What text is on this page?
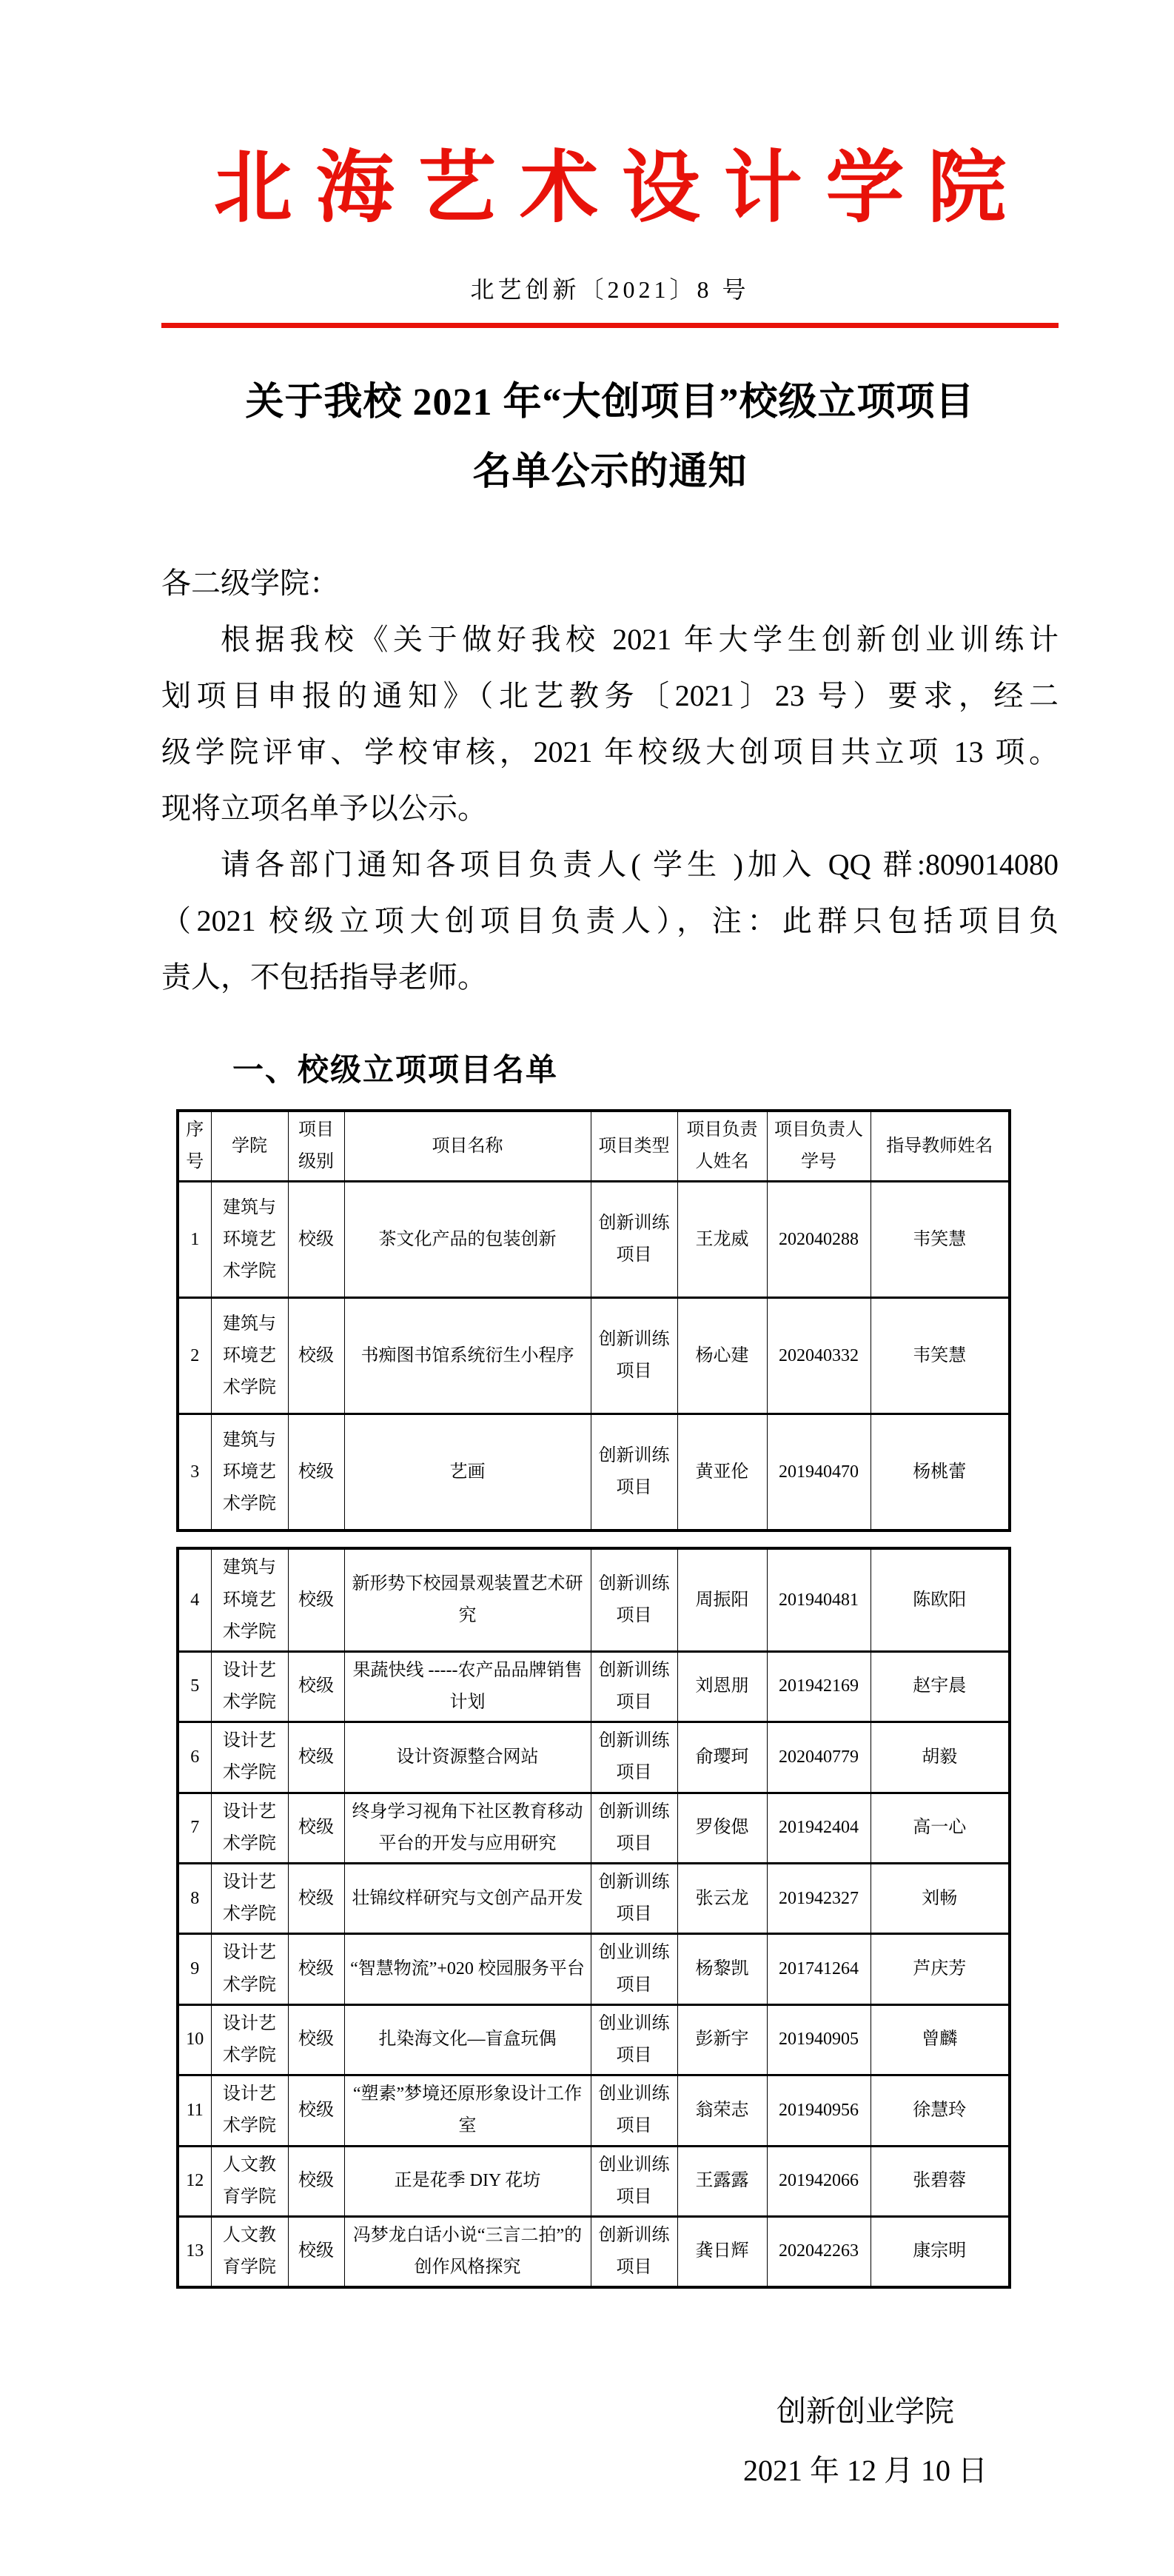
北海艺术设计学院
北艺创新〔2021〕8 号
关于我校 2021 年“大创项目”校级立项项目
名单公示的通知
各二级学院：

根据我校《关于做好我校 2021 年大学生创新创业训练计
划项目申报的通知》（北艺教务〔2021〕23 号）要求，经二
级学院评审、学校审核，2021 年校级大创项目共立项 13 项。
现将立项名单予以公示。

请各部门通知各项目负责人( 学生 )加入 QQ 群:809014080
（2021 校级立项大创项目负责人），注：此群只包括项目负
责人，不包括指导老师。

一、校级立项项目名单
序号	学院	项目级别	项目名称	项目类型	项目负责人姓名	项目负责人学号	指导教师姓名
1	建筑与环境艺术学院	校级	茶文化产品的包装创新	创新训练项目	王龙威	202040288	韦笑慧
2	建筑与环境艺术学院	校级	书痴图书馆系统衍生小程序	创新训练项目	杨心建	202040332	韦笑慧
3	建筑与环境艺术学院	校级	艺画	创新训练项目	黄亚伦	201940470	杨桃蕾
4	建筑与环境艺术学院	校级	新形势下校园景观装置艺术研究	创新训练项目	周振阳	201940481	陈欧阳
5	设计艺术学院	校级	果蔬快线 -----农产品品牌销售计划	创新训练项目	刘恩朋	201942169	赵宇晨
6	设计艺术学院	校级	设计资源整合网站	创新训练项目	俞璎珂	202040779	胡毅
7	设计艺术学院	校级	终身学习视角下社区教育移动平台的开发与应用研究	创新训练项目	罗俊偲	201942404	高一心
8	设计艺术学院	校级	壮锦纹样研究与文创产品开发	创新训练项目	张云龙	201942327	刘畅
9	设计艺术学院	校级	“智慧物流”+020 校园服务平台	创业训练项目	杨黎凯	201741264	芦庆芳
10	设计艺术学院	校级	扎染海文化—盲盒玩偶	创业训练项目	彭新宇	201940905	曾麟
11	设计艺术学院	校级	“塑素”梦境还原形象设计工作室	创业训练项目	翁荣志	201940956	徐慧玲
12	人文教育学院	校级	正是花季 DIY 花坊	创业训练项目	王露露	201942066	张碧蓉
13	人文教育学院	校级	冯梦龙白话小说“三言二拍”的创作风格探究	创新训练项目	龚日辉	202042263	康宗明
创新创业学院
2021 年 12 月 10 日
